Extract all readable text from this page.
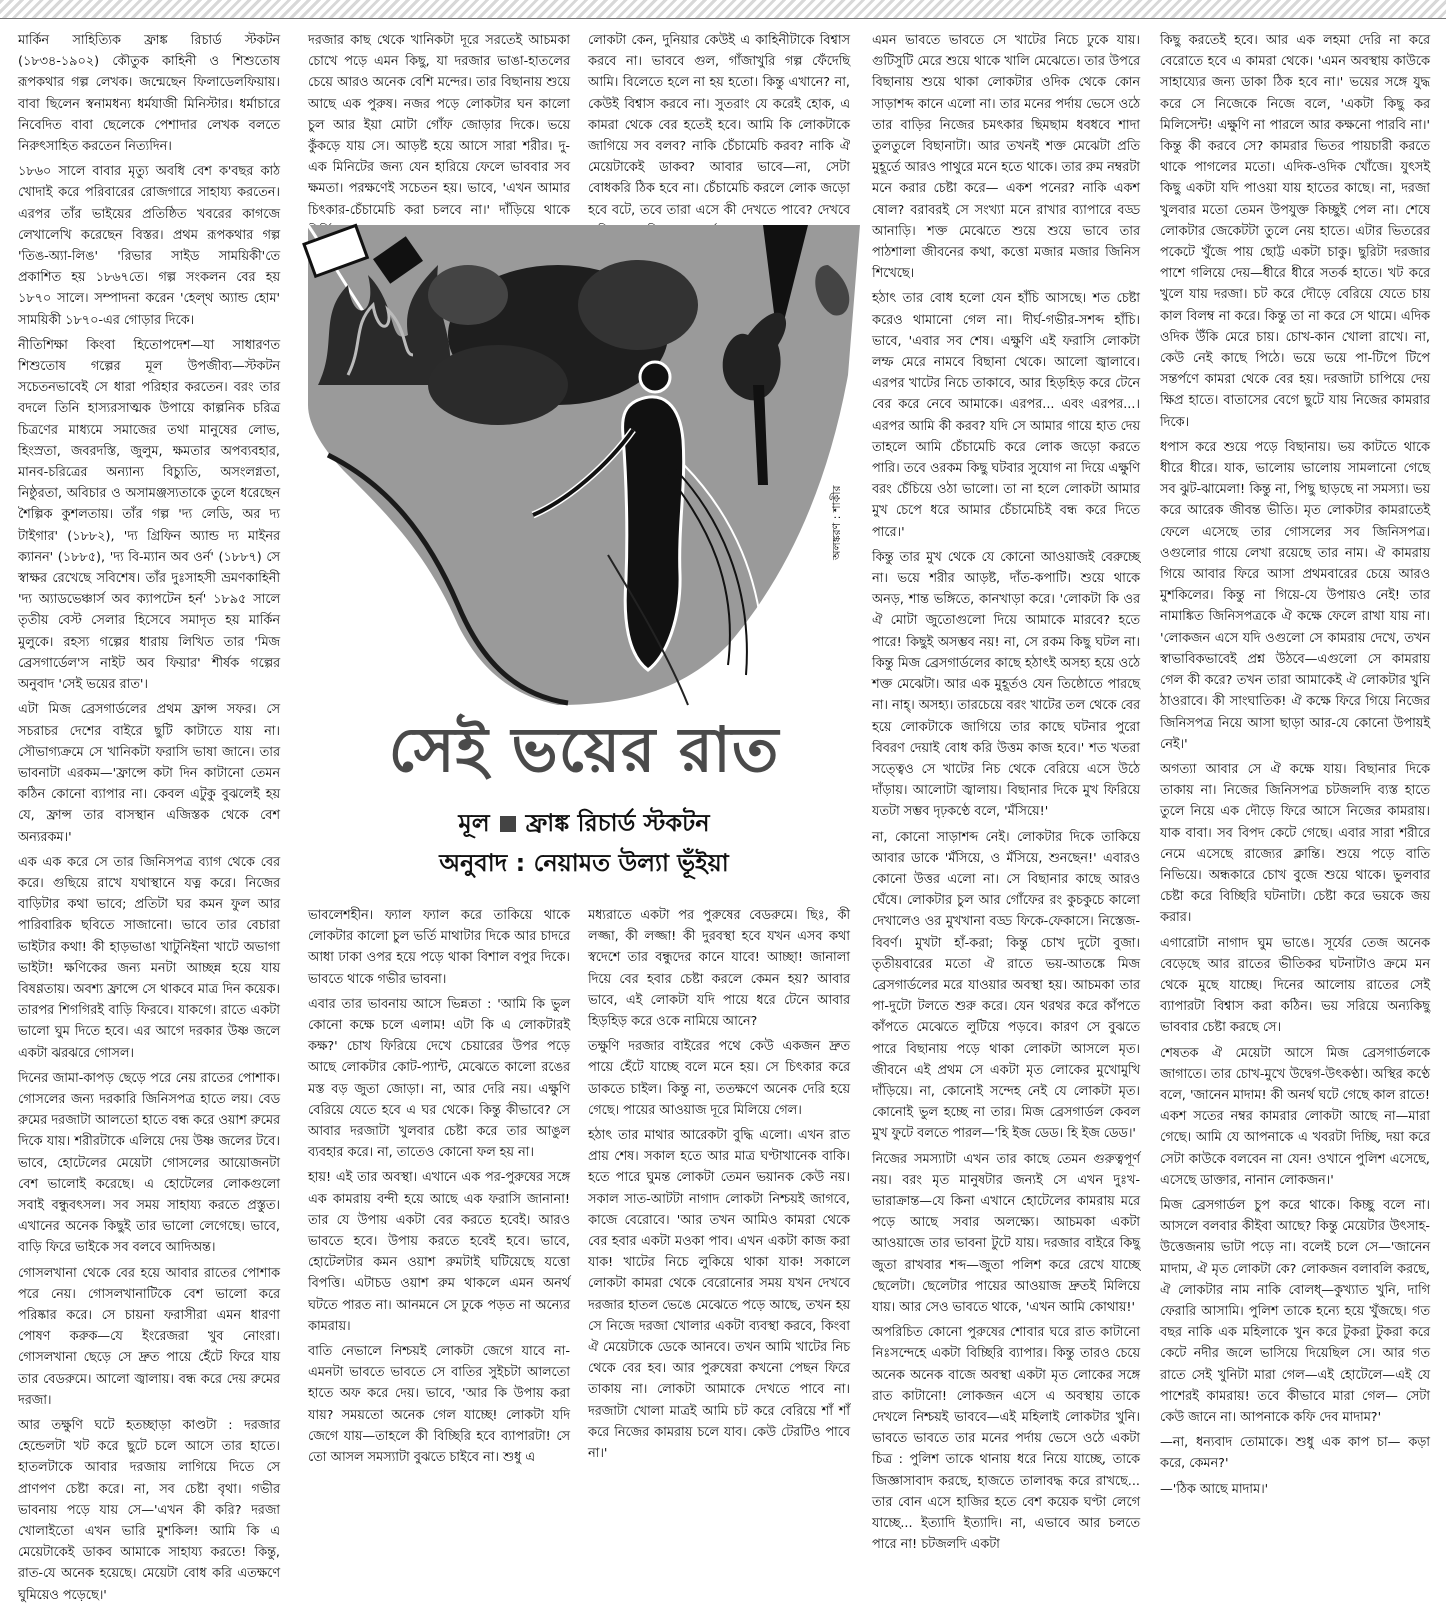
মার্কিন সাহিত্যিক ফ্রাঙ্ক রিচার্ড স্টকটন (১৮৩৪-১৯০২) কৌতুক কাহিনী ও শিশুতোষ রূপকথার গল্প লেখক। জন্মেছেন ফিলাডেলফিয়ায়। বাবা ছিলেন স্বনামধন্য ধর্মযাজী মিনিস্টার। ধর্মাচারে নিবেদিত বাবা ছেলেকে পেশাদার লেখক বলতে নিরুৎসাহিত করতেন নিত্যদিন।

১৮৬০ সালে বাবার মৃত্যু অবধি বেশ ক'বছর কাঠ খোদাই করে পরিবারের রোজগারে সাহায্য করতেন। এরপর তাঁর ভাইয়ের প্রতিষ্ঠিত খবরের কাগজে লেখালেখি করেছেন বিস্তর। প্রথম রূপকথার গল্প 'তিঙ-অ্যা-লিঙ' 'রিভার সাইড সাময়িকী'তে প্রকাশিত হয় ১৮৬৭তে। গল্প সংকলন বের হয় ১৮৭০ সালে। সম্পাদনা করেন 'হেল্থ অ্যান্ড হোম' সাময়িকী ১৮৭০-এর গোড়ার দিকে।

নীতিশিক্ষা কিংবা হিতোপদেশ—যা সাধারণত শিশুতোষ গল্পের মূল উপজীব্য—স্টকটন সচেতনভাবেই সে ধারা পরিহার করতেন। বরং তার বদলে তিনি হাস্যরসাত্মক উপায়ে কাল্পনিক চরিত্র চিত্রণের মাধ্যমে সমাজের তথা মানুষের লোভ, হিংস্রতা, জবরদস্তি, জুলুম, ক্ষমতার অপব্যবহার, মানব-চরিত্রের অন্যান্য বিচ্যুতি, অসংলগ্নতা, নিষ্ঠুরতা, অবিচার ও অসামঞ্জস্যতাকে তুলে ধরেছেন শৈল্পিক কুশলতায়। তাঁর গল্প 'দ্য লেডি, অর দ্য টাইগার' (১৮৮২), 'দ্য গ্রিফিন অ্যান্ড দ্য মাইনর ক্যানন' (১৮৮৫), 'দ্য বি-ম্যান অব ওর্ন' (১৮৮৭) সে স্বাক্ষর রেখেছে সবিশেষ। তাঁর দুঃসাহসী ভ্রমণকাহিনী 'দ্য অ্যাডভেঞ্চার্স অব ক্যাপটেন হর্ন' ১৮৯৫ সালে তৃতীয় বেস্ট সেলার হিসেবে সমাদৃত হয় মার্কিন মুলুকে। রহস্য গল্পের ধারায় লিখিত তার 'মিজ ব্রেসগার্ডেল'স নাইট অব ফিয়ার' শীর্ষক গল্পের অনুবাদ 'সেই ভয়ের রাত'।

এটা মিজ ব্রেসগার্ডলের প্রথম ফ্রান্স সফর। সে সচরাচর দেশের বাইরে ছুটি কাটাতে যায় না। সৌভাগ্যক্রমে সে খানিকটা ফরাসি ভাষা জানে। তার ভাবনাটা এরকম—'ফ্রান্সে কটা দিন কাটানো তেমন কঠিন কোনো ব্যাপার না। কেবল এটুকু বুঝলেই হয় যে, ফ্রান্স তার বাসস্থান এজিস্তক থেকে বেশ অন্যরকম।'

এক এক করে সে তার জিনিসপত্র ব্যাগ থেকে বের করে। গুছিয়ে রাখে যথাস্থানে যত্ন করে। নিজের বাড়িটার কথা ভাবে; প্রতিটা ঘর কমন ফুল আর পারিবারিক ছবিতে সাজানো। ভাবে তার বেচারা ভাইটার কথা! কী হাড়ভাঙা খাটুনিইনা খাটে অভাগা ভাইটা! ক্ষণিকের জন্য মনটা আচ্ছন্ন হয়ে যায় বিষণ্ণতায়। অবশ্য ফ্রান্সে সে থাকবে মাত্র দিন কয়েক। তারপর শিগগিরই বাড়ি ফিরবে। যাকগে। রাতে একটা ভালো ঘুম দিতে হবে। এর আগে দরকার উষ্ণ জলে একটা ঝরঝরে গোসল।

দিনের জামা-কাপড় ছেড়ে পরে নেয় রাতের পোশাক। গোসলের জন্য দরকারি জিনিসপত্র হাতে লয়। বেড রুমের দরজাটা আলতো হাতে বন্ধ করে ওয়াশ রুমের দিকে যায়। শরীরটাকে এলিয়ে দেয় উষ্ণ জলের টবে। ভাবে, হোটেলের মেয়েটা গোসলের আয়োজনটা বেশ ভালোই করেছে। এ হোটেলের লোকগুলো সবাই বন্ধুবৎসল। সব সময় সাহায্য করতে প্রস্তুত। এখানের অনেক কিছুই তার ভালো লেগেছে। ভাবে, বাড়ি ফিরে ভাইকে সব বলবে আদিঅন্ত।

গোসলখানা থেকে বের হয়ে আবার রাতের পোশাক পরে নেয়। গোসলখানাটিকে বেশ ভালো করে পরিষ্কার করে। সে চায়না ফরাসীরা এমন ধারণা পোষণ করুক—যে ইংরেজরা খুব নোংরা। গোসলখানা ছেড়ে সে দ্রুত পায়ে হেঁটে ফিরে যায় তার বেডরুমে। আলো জ্বালায়। বন্ধ করে দেয় রুমের দরজা।

আর তক্ষুণি ঘটে হতচ্ছাড়া কাণ্ডটা : দরজার হেন্ডেলটা খট করে ছুটে চলে আসে তার হাতে। হাতলটাকে আবার দরজায় লাগিয়ে দিতে সে প্রাণপণ চেষ্টা করে। না, সব চেষ্টা বৃথা। গভীর ভাবনায় পড়ে যায় সে—'এখন কী করি? দরজা খোলাইতো এখন ভারি মুশকিল! আমি কি এ মেয়েটাকেই ডাকব আমাকে সাহায্য করতে! কিন্তু, রাত-যে অনেক হয়েছে। মেয়েটা বোধ করি এতক্ষণে ঘুমিয়েও পড়েছে।'

দরজার কাছ থেকে খানিকটা দূরে সরতেই আচমকা চোখে পড়ে এমন কিছু, যা দরজার ভাঙা-হাতলের চেয়ে আরও অনেক বেশি মন্দের। তার বিছানায় শুয়ে আছে এক পুরুষ। নজর পড়ে লোকটার ঘন কালো চুল আর ইয়া মোটা গোঁফ জোড়ার দিকে। ভয়ে কুঁকড়ে যায় সে। আড়ষ্ট হয়ে আসে সারা শরীর। দু-এক মিনিটের জন্য যেন হারিয়ে ফেলে ভাববার সব ক্ষমতা। পরক্ষণেই সচেতন হয়। ভাবে, 'এখন আমার চিৎকার-চেঁচামেচি করা চলবে না।' দাঁড়িয়ে থাকে

লোকটা কেন, দুনিয়ার কেউই এ কাহিনীটাকে বিশ্বাস করবে না। ভাববে গুল, গাঁজাখুরি গল্প ফেঁদেছি আমি। বিলেতে হলে না হয় হতো। কিন্তু এখানে? না, কেউই বিশ্বাস করবে না। সুতরাং যে করেই হোক, এ কামরা থেকে বের হতেই হবে। আমি কি লোকটাকে জাগিয়ে সব বলব? নাকি চেঁচামেচি করব? নাকি ঐ মেয়েটাকেই ডাকব? আবার ভাবে—না, সেটা বোধকরি ঠিক হবে না। চেঁচামেচি করলে লোক জড়ো হবে বটে, তবে তারা এসে কী দেখতে পাবে? দেখবে

এমন ভাবতে ভাবতে সে খাটের নিচে ঢুকে যায়। গুটিসুটি মেরে শুয়ে থাকে খালি মেঝেতে। তার উপরে বিছানায় শুয়ে থাকা লোকটার ওদিক থেকে কোন সাড়াশব্দ কানে এলো না। তার মনের পর্দায় ভেসে ওঠে তার বাড়ির নিজের চমৎকার ছিমছাম ধবধবে শাদা তুলতুলে বিছানাটা। আর তখনই শক্ত মেঝেটা প্রতি মুহূর্তে আরও পাথুরে মনে হতে থাকে। তার রুম নম্বরটা মনে করার চেষ্টা করে— একশ পনের? নাকি একশ ষোল? বরাবরই সে সংখ্যা মনে রাখার ব্যাপারে বড্ড আনাড়ি। শক্ত মেঝেতে শুয়ে শুয়ে ভাবে তার পাঠশালা জীবনের কথা, কত্তো মজার মজার জিনিস শিখেছে।

হঠাৎ তার বোধ হলো যেন হাঁচি আসছে। শত চেষ্টা করেও থামানো গেল না। দীর্ঘ-গভীর-সশব্দ হাঁচি। ভাবে, 'এবার সব শেষ। এক্ষুণি এই ফরাসি লোকটা লম্ফ মেরে নামবে বিছানা থেকে। আলো জ্বালাবে। এরপর খাটের নিচে তাকাবে, আর হিড়হিড় করে টেনে বের করে নেবে আমাকে। এরপর... এবং এরপর...। এরপর আমি কী করব? যদি সে আমার গায়ে হাত দেয় তাহলে আমি চেঁচামেচি করে লোক জড়ো করতে পারি। তবে ওরকম কিছু ঘটবার সুযোগ না দিয়ে এক্ষুণি বরং চেঁচিয়ে ওঠা ভালো। তা না হলে লোকটা আমার মুখ চেপে ধরে আমার চেঁচামেচিই বন্ধ করে দিতে পারে।'

কিন্তু তার মুখ থেকে যে কোনো আওয়াজই বেরুচ্ছে না। ভয়ে শরীর আড়ষ্ট, দাঁত-কপাটি। শুয়ে থাকে অনড়, শান্ত ভঙ্গিতে, কানখাড়া করে। 'লোকটা কি ওর ঐ মোটা জুতোগুলো দিয়ে আমাকে মারবে? হতে পারে! কিছুই অসম্ভব নয়! না, সে রকম কিছু ঘটল না। কিন্তু মিজ ব্রেসগার্ডলের কাছে হঠাৎই অসহ্য হয়ে ওঠে শক্ত মেঝেটা। আর এক মুহূর্তও যেন তিষ্ঠোতে পারছে না। নাহ্। অসহ্য। তারচেয়ে বরং খাটের তল থেকে বের হয়ে লোকটাকে জাগিয়ে তার কাছে ঘটনার পুরো বিবরণ দেয়াই বোধ করি উত্তম কাজ হবে।' শত খতরা সত্ত্বেও সে খাটের নিচ থেকে বেরিয়ে এসে উঠে দাঁড়ায়। আলোটা জ্বালায়। বিছানার দিকে মুখ ফিরিয়ে যতটা সম্ভব দৃঢ়কণ্ঠে বলে, 'মঁসিয়ে!'

না, কোনো সাড়াশব্দ নেই। লোকটার দিকে তাকিয়ে আবার ডাকে 'মঁসিয়ে, ও মঁসিয়ে, শুনছেন!' এবারও কোনো উত্তর এলো না। সে বিছানার কাছে আরও ঘেঁষে। লোকটার চুল আর গোঁফের রং কুচকুচে কালো দেখালেও ওর মুখখানা বড্ড ফিকে-ফেকাসে। নিস্তেজ-বিবর্ণ। মুখটা হাঁ-করা; কিন্তু চোখ দুটো বুজা। তৃতীয়বারের মতো ঐ রাতে ভয়-আতঙ্কে মিজ ব্রেসগার্ডলের মরে যাওয়ার অবস্থা হয়। আচমকা তার পা-দুটো টলতে শুরু করে। যেন থরথর করে কাঁপতে কাঁপতে মেঝেতে লুটিয়ে পড়বে। কারণ সে বুঝতে পারে বিছানায় পড়ে থাকা লোকটা আসলে মৃত। জীবনে এই প্রথম সে একটা মৃত লোকের মুখোমুখি দাঁড়িয়ে। না, কোনোই সন্দেহ নেই যে লোকটা মৃত। কোনোই ভুল হচ্ছে না তার। মিজ ব্রেসগার্ডল কেবল মুখ ফুটে বলতে পারল—'হি ইজ ডেড। হি ইজ ডেড।'

নিজের সমস্যাটা এখন তার কাছে তেমন গুরুত্বপূর্ণ নয়। বরং মৃত মানুষটার জন্যই সে এখন দুঃখ-ভারাক্রান্ত—যে কিনা এখানে হোটেলের কামরায় মরে পড়ে আছে সবার অলক্ষ্যে। আচমকা একটা আওয়াজে তার ভাবনা টুটে যায়। দরজার বাইরে কিছু জুতা রাখবার শব্দ—জুতা পলিশ করে রেখে যাচ্ছে ছেলেটা। ছেলেটার পায়ের আওয়াজ দ্রুতই মিলিয়ে যায়। আর সেও ভাবতে থাকে, 'এখন আমি কোথায়!'

অপরিচিত কোনো পুরুষের শোবার ঘরে রাত কাটানো নিঃসন্দেহে একটা বিচ্ছিরি ব্যাপার। কিন্তু তারও চেয়ে অনেক অনেক বাজে অবস্থা একটা মৃত লোকের সঙ্গে রাত কাটানো! লোকজন এসে এ অবস্থায় তাকে দেখলে নিশ্চয়ই ভাববে—এই মহিলাই লোকটার খুনি। ভাবতে ভাবতে তার মনের পর্দায় ভেসে ওঠে একটা চিত্র : পুলিশ তাকে থানায় ধরে নিয়ে যাচ্ছে, তাকে জিজ্ঞাসাবাদ করছে, হাজতে তালাবদ্ধ করে রাখছে... তার বোন এসে হাজির হতে বেশ কয়েক ঘণ্টা লেগে যাচ্ছে... ইত্যাদি ইত্যাদি। না, এভাবে আর চলতে পারে না! চটজলদি একটা

কিছু করতেই হবে। আর এক লহমা দেরি না করে বেরোতে হবে এ কামরা থেকে। 'এমন অবস্থায় কাউকে সাহায্যের জন্য ডাকা ঠিক হবে না।' ভয়ের সঙ্গে যুদ্ধ করে সে নিজেকে নিজে বলে, 'একটা কিছু কর মিলিসেন্ট! এক্ষুণি না পারলে আর কক্ষনো পারবি না।' কিন্তু কী করবে সে? কামরার ভিতর পায়চারী করতে থাকে পাগলের মতো। এদিক-ওদিক খোঁজে। যুৎসই কিছু একটা যদি পাওয়া যায় হাতের কাছে। না, দরজা খুলবার মতো তেমন উপযুক্ত কিচ্ছুই পেল না। শেষে লোকটার জেকেটটা তুলে নেয় হাতে। এটার ভিতরের পকেটে খুঁজে পায় ছোট্ট একটা চাকু। ছুরিটা দরজার পাশে গলিয়ে দেয়—ধীরে ধীরে সতর্ক হাতে। খট করে খুলে যায় দরজা। চট করে দৌড়ে বেরিয়ে যেতে চায় কাল বিলম্ব না করে। কিন্তু তা না করে সে থামে। এদিক ওদিক উঁকি মেরে চায়। চোখ-কান খোলা রাখে। না, কেউ নেই কাছে পিঠে। ভয়ে ভয়ে পা-টিপে টিপে সন্তর্পণে কামরা থেকে বের হয়। দরজাটা চাপিয়ে দেয় ক্ষিপ্র হাতে। বাতাসের বেগে ছুটে যায় নিজের কামরার দিকে।

ধপাস করে শুয়ে পড়ে বিছানায়। ভয় কাটতে থাকে ধীরে ধীরে। যাক, ভালোয় ভালোয় সামলানো গেছে সব ঝুট-ঝামেলা! কিন্তু না, পিছু ছাড়ছে না সমস্যা। ভয় করে আরেক জীবন্ত ভীতি। মৃত লোকটার কামরাতেই ফেলে এসেছে তার গোসলের সব জিনিসপত্র। ওগুলোর গায়ে লেখা রয়েছে তার নাম। ঐ কামরায় গিয়ে আবার ফিরে আসা প্রথমবারের চেয়ে আরও মুশকিলের। কিন্তু না গিয়ে-যে উপায়ও নেই! তার নামাঙ্কিত জিনিসপত্রকে ঐ কক্ষে ফেলে রাখা যায় না। 'লোকজন এসে যদি ওগুলো সে কামরায় দেখে, তখন স্বাভাবিকভাবেই প্রশ্ন উঠবে—এগুলো সে কামরায় গেল কী করে? তখন তারা আমাকেই ঐ লোকটার খুনি ঠাওরাবে। কী সাংঘাতিক! ঐ কক্ষে ফিরে গিয়ে নিজের জিনিসপত্র নিয়ে আসা ছাড়া আর-যে কোনো উপায়ই নেই।'

অগত্যা আবার সে ঐ কক্ষে যায়। বিছানার দিকে তাকায় না। নিজের জিনিসপত্র চটজলদি ব্যস্ত হাতে তুলে নিয়ে এক দৌড়ে ফিরে আসে নিজের কামরায়। যাক বাবা। সব বিপদ কেটে গেছে। এবার সারা শরীরে নেমে এসেছে রাজ্যের ক্লান্তি। শুয়ে পড়ে বাতি নিভিয়ে। অন্ধকারে চোখ বুজে শুয়ে থাকে। ভুলবার চেষ্টা করে বিচ্ছিরি ঘটনাটা। চেষ্টা করে ভয়কে জয় করার।

এগারোটা নাগাদ ঘুম ভাঙে। সূর্যের তেজ অনেক বেড়েছে আর রাতের ভীতিকর ঘটনাটাও ক্রমে মন থেকে মুছে যাচ্ছে। দিনের আলোয় রাতের সেই ব্যাপারটা বিশ্বাস করা কঠিন। ভয় সরিয়ে অন্যকিছু ভাববার চেষ্টা করছে সে।

শেষতক ঐ মেয়েটা আসে মিজ ব্রেসগার্ডলকে জাগাতে। তার চোখ-মুখে উদ্বেগ-উৎকণ্ঠা। অস্থির কণ্ঠে বলে, 'জানেন মাদাম! কী অনর্থ ঘটে গেছে কাল রাতে! একশ সতের নম্বর কামরার লোকটা আছে না—মারা গেছে। আমি যে আপনাকে এ খবরটা দিচ্ছি, দয়া করে সেটা কাউকে বলবেন না যেন! ওখানে পুলিশ এসেছে, এসেছে ডাক্তার, নানান লোকজন।'

মিজ ব্রেসগার্ডল চুপ করে থাকে। কিচ্ছু বলে না। আসলে বলবার কীইবা আছে? কিন্তু মেয়েটার উৎসাহ-উত্তেজনায় ভাটা পড়ে না। বলেই চলে সে—'জানেন মাদাম, ঐ মৃত লোকটা কে? লোকজন বলাবলি করছে, ঐ লোকটার নাম নাকি বোলধ্—কুখ্যাত খুনি, দাগি ফেরারি আসামি। পুলিশ তাকে হন্যে হয়ে খুঁজছে। গত বছর নাকি এক মহিলাকে খুন করে টুকরা টুকরা করে কেটে নদীর জলে ভাসিয়ে দিয়েছিল সে। আর গত রাতে সেই খুনিটা মারা গেল—এই হোটেলে—এই যে পাশেরই কামরায়! তবে কীভাবে মারা গেল— সেটা কেউ জানে না। আপনাকে কফি দেব মাদাম?'

—না, ধন্যবাদ তোমাকে। শুধু এক কাপ চা— কড়া করে, কেমন?'

—'ঠিক আছে মাদাম।'

ভাবলেশহীন। ফ্যাল ফ্যাল করে তাকিয়ে থাকে লোকটার কালো চুল ভর্তি মাথাটার দিকে আর চাদরে আধা ঢাকা ওপর হয়ে পড়ে থাকা বিশাল বপুর দিকে। ভাবতে থাকে গভীর ভাবনা।

এবার তার ভাবনায় আসে ভিন্নতা : 'আমি কি ভুল কোনো কক্ষে চলে এলাম! এটা কি এ লোকটারই কক্ষ?' চোখ ফিরিয়ে দেখে চেয়ারের উপর পড়ে আছে লোকটার কোট-প্যান্ট, মেঝেতে কালো রঙের মস্ত বড় জুতা জোড়া। না, আর দেরি নয়। এক্ষুণি বেরিয়ে যেতে হবে এ ঘর থেকে। কিন্তু কীভাবে? সে আবার দরজাটা খুলবার চেষ্টা করে তার আঙুল ব্যবহার করে। না, তাতেও কোনো ফল হয় না।

হায়! এই তার অবস্থা। এখানে এক পর-পুরুষের সঙ্গে এক কামরায় বন্দী হয়ে আছে এক ফরাসি জানানা! তার যে উপায় একটা বের করতে হবেই। আরও ভাবতে হবে। উপায় করতে হবেই হবে। ভাবে, হোটেলটার কমন ওয়াশ রুমটাই ঘটিয়েছে যত্তো বিপত্তি। এটাচড ওয়াশ রুম থাকলে এমন অনর্থ ঘটতে পারত না। আনমনে সে ঢুকে পড়ত না অন্যের কামরায়।

বাতি নেভালে নিশ্চয়ই লোকটা জেগে যাবে না-এমনটা ভাবতে ভাবতে সে বাতির সুইচটা আলতো হাতে অফ করে দেয়। ভাবে, 'আর কি উপায় করা যায়? সময়তো অনেক গেল যাচ্ছে! লোকটা যদি জেগে যায়—তাহলে কী বিচ্ছিরি হবে ব্যাপারটা! সে তো আসল সমস্যাটা বুঝতে চাইবে না। শুধু এ

মধ্যরাতে একটা পর পুরুষের বেডরুমে। ছিঃ, কী লজ্জা, কী লজ্জা! কী দুরবস্থা হবে যখন এসব কথা স্বদেশে তার বন্ধুদের কানে যাবে! আচ্ছা! জানালা দিয়ে বের হবার চেষ্টা করলে কেমন হয়? আবার ভাবে, এই লোকটা যদি পায়ে ধরে টেনে আবার হিড়হিড় করে ওকে নামিয়ে আনে?

তক্ষুণি দরজার বাইরের পথে কেউ একজন দ্রুত পায়ে হেঁটে যাচ্ছে বলে মনে হয়। সে চিৎকার করে ডাকতে চাইল। কিন্তু না, ততক্ষণে অনেক দেরি হয়ে গেছে। পায়ের আওয়াজ দূরে মিলিয়ে গেল।

হঠাৎ তার মাথার আরেকটা বুদ্ধি এলো। এখন রাত প্রায় শেষ। সকাল হতে আর মাত্র ঘণ্টাখানেক বাকি। হতে পারে ঘুমন্ত লোকটা তেমন ভয়ানক কেউ নয়। সকাল সাত-আটটা নাগাদ লোকটা নিশ্চয়ই জাগবে, কাজে বেরোবে। 'আর তখন আমিও কামরা থেকে বের হবার একটা মওকা পাব। এখন একটা কাজ করা যাক! খাটের নিচে লুকিয়ে থাকা যাক! সকালে লোকটা কামরা থেকে বেরোনোর সময় যখন দেখবে দরজার হাতল ভেঙে মেঝেতে পড়ে আছে, তখন হয় সে নিজে দরজা খোলার একটা ব্যবস্থা করবে, কিংবা ঐ মেয়েটাকে ডেকে আনবে। তখন আমি খাটের নিচ থেকে বের হব। আর পুরুষেরা কখনো পেছন ফিরে তাকায় না। লোকটা আমাকে দেখতে পাবে না। দরজাটা খোলা মাত্রই আমি চট করে বেরিয়ে শাঁ শাঁ করে নিজের কামরায় চলে যাব। কেউ টেরটিও পাবে না।'

অলঙ্করণ : শাকীর
সেই ভয়ের রাত
মূল ফ্রাঙ্ক রিচার্ড স্টকটন
অনুবাদ : নেয়ামত উল্যা ভূঁইয়া
